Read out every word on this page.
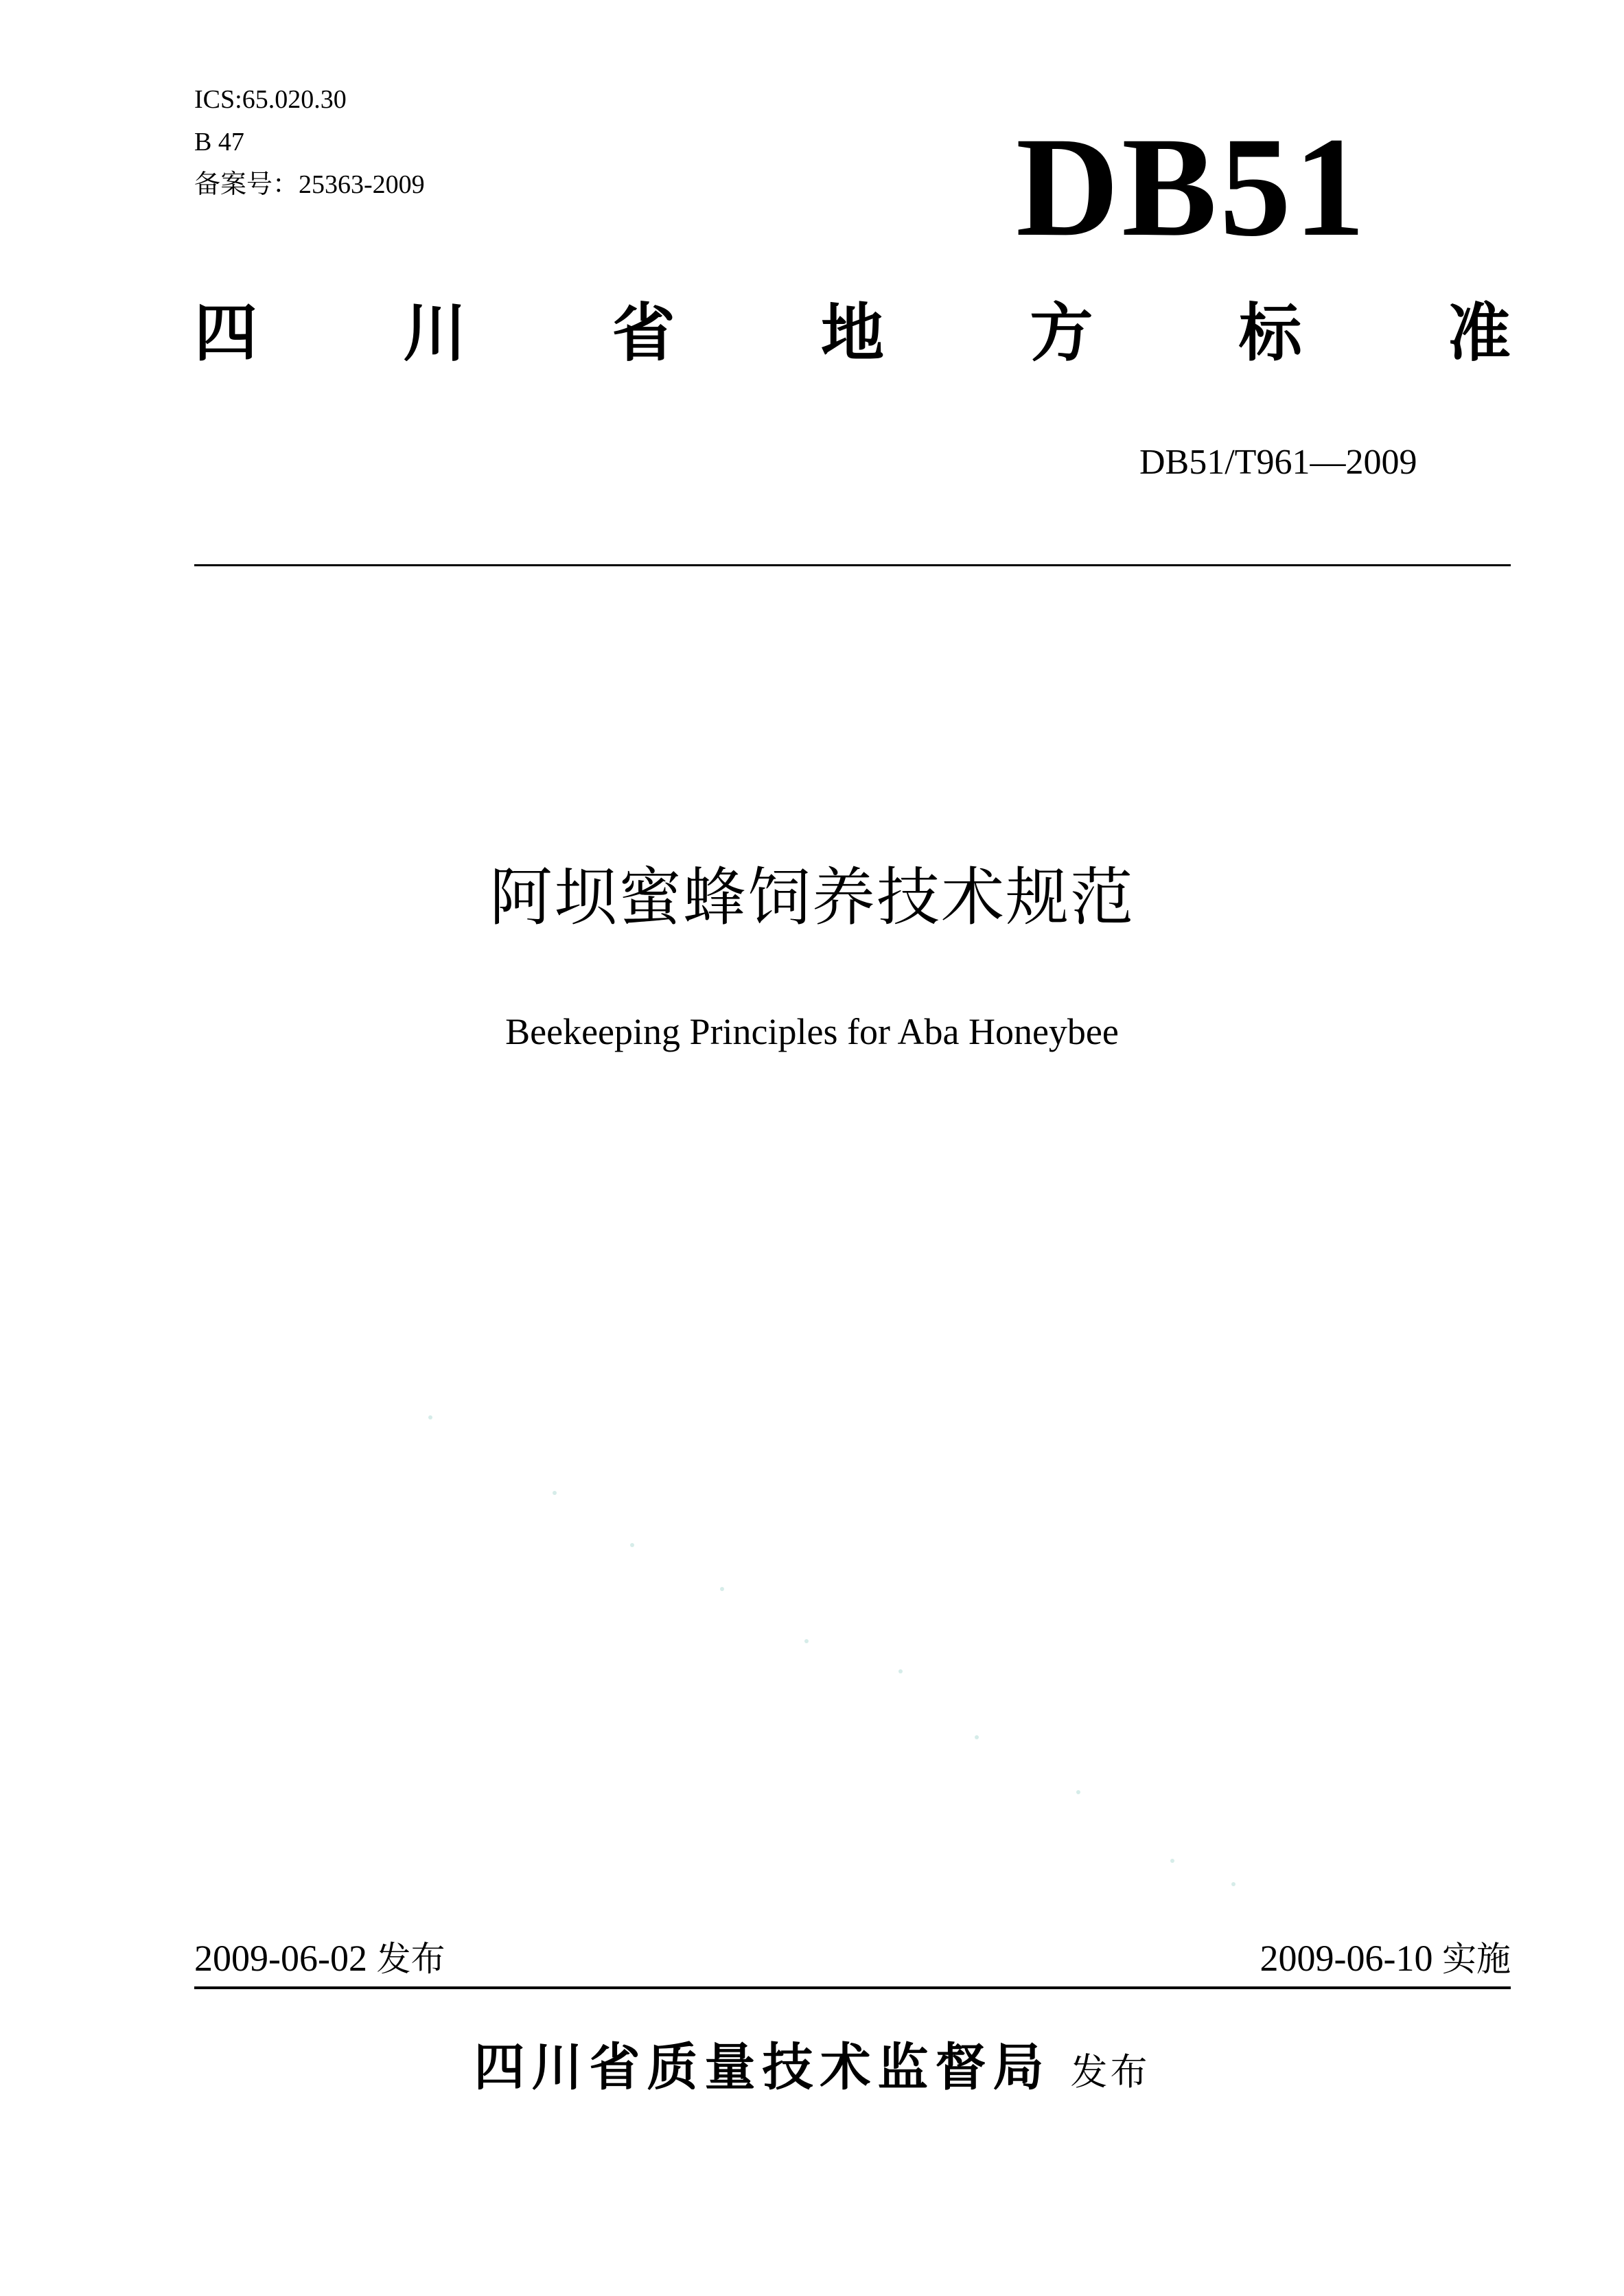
ICS:65.020.30
B 47
备案号：25363-2009	DB51
四 川 省 地 方 标 准
DB51/T961—2009
阿坝蜜蜂饲养技术规范
Beekeeping Principles for Aba Honeybee
2009-06-02 发布	2009-06-10 实施
四川省质量技术监督局 发布
